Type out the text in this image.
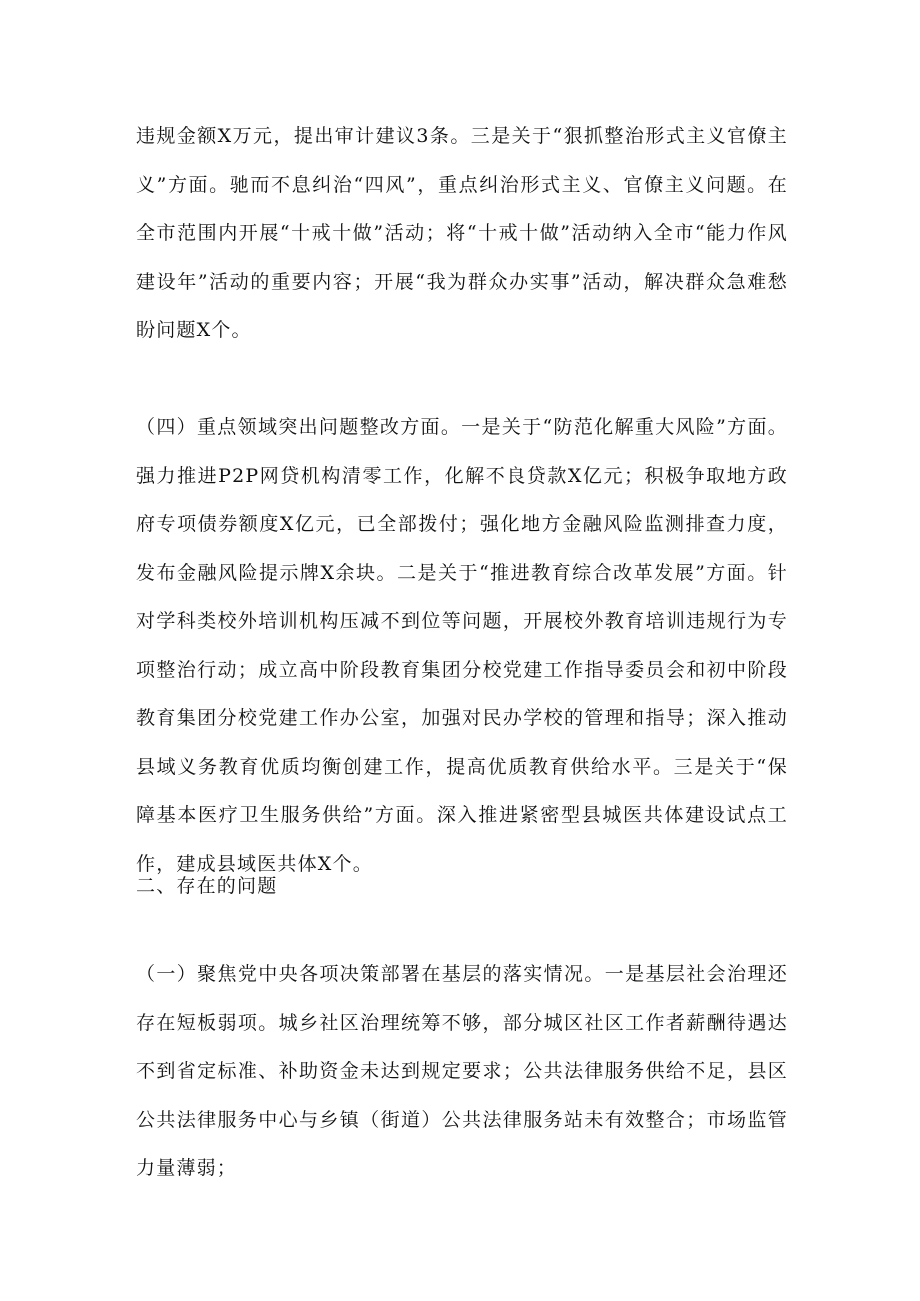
违规金额X万元，提出审计建议3条。三是关于“狠抓整治形式主义官僚主义”方面。驰而不息纠治“四风”，重点纠治形式主义、官僚主义问题。在全市范围内开展“十戒十做”活动；将“十戒十做”活动纳入全市“能力作风建设年”活动的重要内容；开展“我为群众办实事”活动，解决群众急难愁盼问题X个。

（四）重点领域突出问题整改方面。一是关于“防范化解重大风险”方面。强力推进P2P网贷机构清零工作，化解不良贷款X亿元；积极争取地方政府专项债券额度X亿元，已全部拨付；强化地方金融风险监测排查力度，发布金融风险提示牌X余块。二是关于“推进教育综合改革发展”方面。针对学科类校外培训机构压减不到位等问题，开展校外教育培训违规行为专项整治行动；成立高中阶段教育集团分校党建工作指导委员会和初中阶段教育集团分校党建工作办公室，加强对民办学校的管理和指导；深入推动县域义务教育优质均衡创建工作，提高优质教育供给水平。三是关于“保障基本医疗卫生服务供给”方面。深入推进紧密型县城医共体建设试点工作，建成县域医共体X个。

二、存在的问题

（一）聚焦党中央各项决策部署在基层的落实情况。一是基层社会治理还存在短板弱项。城乡社区治理统筹不够，部分城区社区工作者薪酬待遇达不到省定标准、补助资金未达到规定要求；公共法律服务供给不足，县区公共法律服务中心与乡镇（街道）公共法律服务站未有效整合；市场监管力量薄弱；
